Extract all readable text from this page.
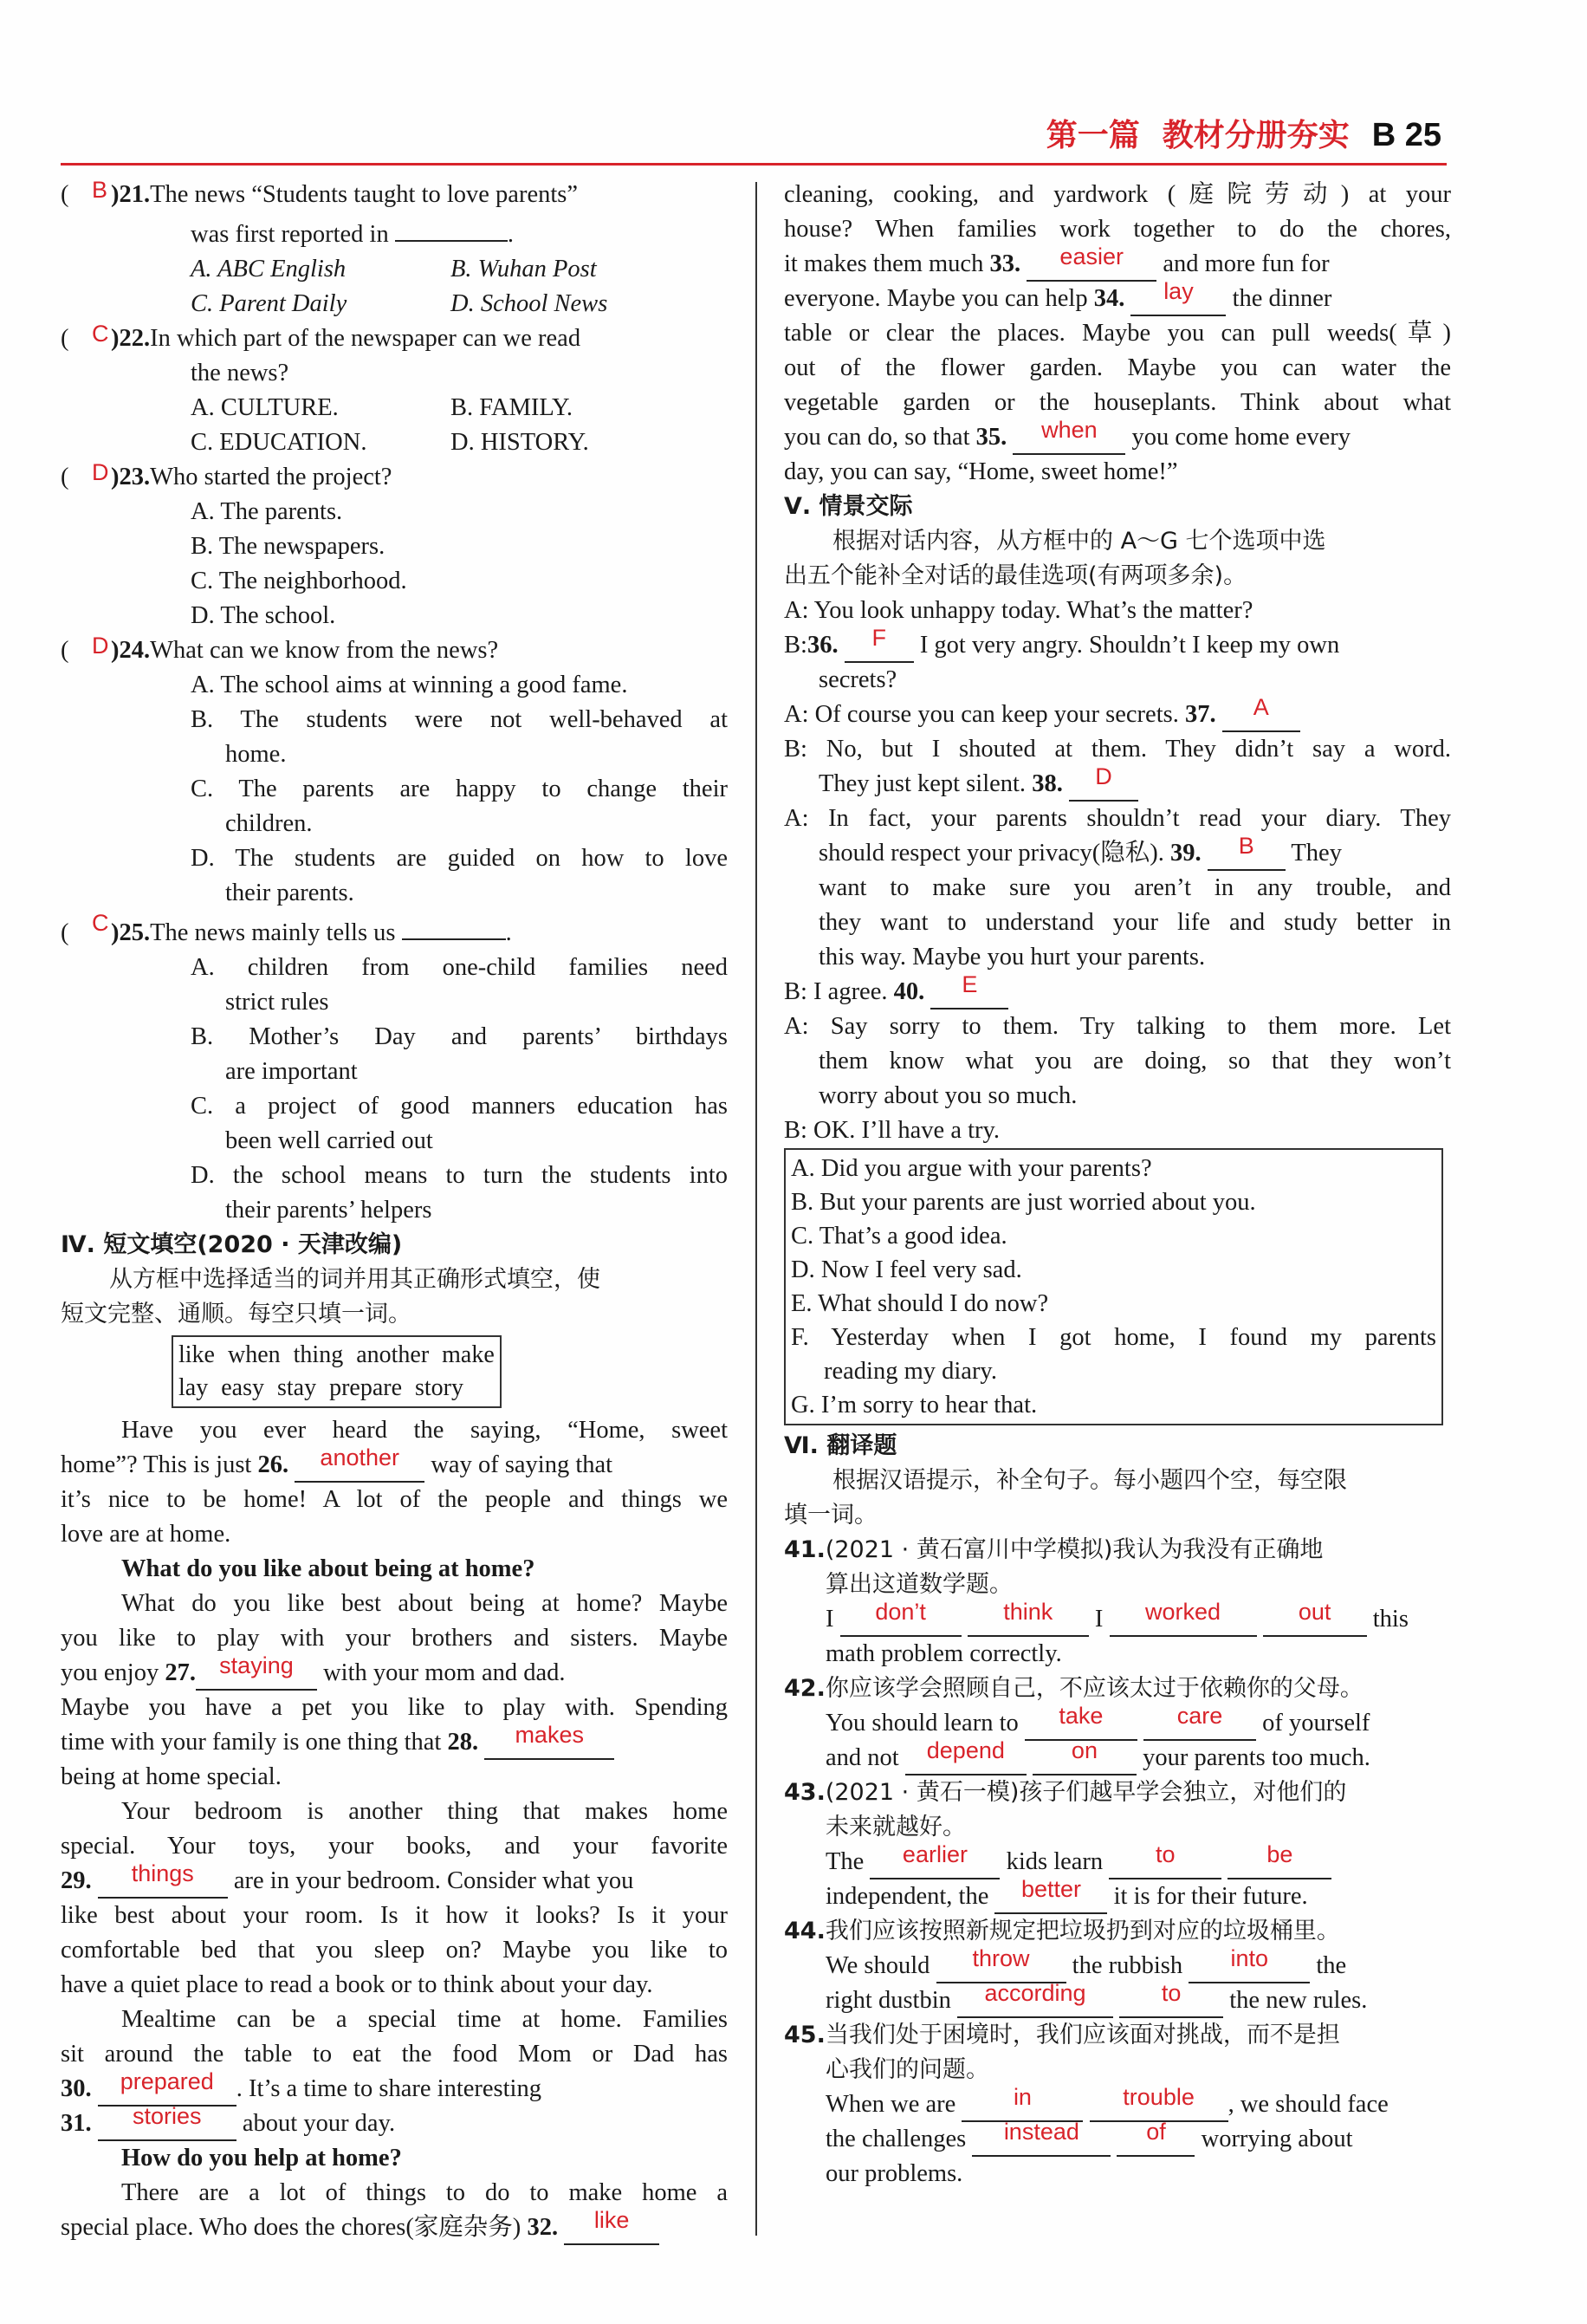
第一篇 教材分册夯实 B 25
( B )21.The news “Students taught to love parents”
was first reported in	.
A. ABC English	B. Wuhan Post
C. Parent Daily	D. School News
( C )22.In which part of the newspaper can we read
the news?
A. CULTURE.	B. FAMILY.
C. EDUCATION.	D. HISTORY.
( D )23.Who started the project?
A. The parents.
B. The newspapers.
C. The neighborhood.
D. The school.
( D )24.What can we know from the news?
A. The school aims at winning a good fame.
B. The students were not well-behaved at
home.
C. The parents are happy to change their
children.
D. The students are guided on how to love
their parents.
( C )25.The news mainly tells us	.
A. children from one-child families need
strict rules
B. Mother’s Day and parents’ birthdays
are important
C. a project of good manners education has
been well carried out
D. the school means to turn the students into
their parents’ helpers
Ⅳ. 短文填空(2020 · 天津改编)
从方框中选择适当的词并用其正确形式填空，使
短文完整、通顺。每空只填一词。
like when thing another make
lay easy stay prepare story
Have you ever heard the saying, “Home, sweet
home”? This is just 26. another way of saying that
it’s nice to be home! A lot of the people and things we
love are at home.
What do you like about being at home?
What do you like best about being at home? Maybe
you like to play with your brothers and sisters. Maybe
you enjoy 27. staying with your mom and dad.
Maybe you have a pet you like to play with. Spending
time with your family is one thing that 28. makes
being at home special.
Your bedroom is another thing that makes home
special. Your toys, your books, and your favorite
29. things are in your bedroom. Consider what you
like best about your room. Is it how it looks? Is it your
comfortable bed that you sleep on? Maybe you like to
have a quiet place to read a book or to think about your day.
Mealtime can be a special time at home. Families
sit around the table to eat the food Mom or Dad has
30. prepared . It’s a time to share interesting
31. stories about your day.
How do you help at home?
There are a lot of things to do to make home a
special place. Who does the chores(家庭杂务) 32. like
cleaning, cooking, and yardwork (庭院劳动) at your
house? When families work together to do the chores,
it makes them much 33. easier and more fun for
everyone. Maybe you can help 34. lay the dinner
table or clear the places. Maybe you can pull weeds(草)
out of the flower garden. Maybe you can water the
vegetable garden or the houseplants. Think about what
you can do, so that 35. when you come home every
day, you can say, “Home, sweet home!”
Ⅴ. 情景交际
根据对话内容，从方框中的 A～G 七个选项中选
出五个能补全对话的最佳选项(有两项多余)。
A: You look unhappy today. What’s the matter?
B:36. F I got very angry. Shouldn’t I keep my own
secrets?
A: Of course you can keep your secrets. 37. A
B: No, but I shouted at them. They didn’t say a word.
They just kept silent. 38. D
A: In fact, your parents shouldn’t read your diary. They
should respect your privacy(隐私). 39. B They
want to make sure you aren’t in any trouble, and
they want to understand your life and study better in
this way. Maybe you hurt your parents.
B: I agree. 40. E
A: Say sorry to them. Try talking to them more. Let
them know what you are doing, so that they won’t
worry about you so much.
B: OK. I’ll have a try.
A. Did you argue with your parents?
B. But your parents are just worried about you.
C. That’s a good idea.
D. Now I feel very sad.
E. What should I do now?
F. Yesterday when I got home, I found my parents
reading my diary.
G. I’m sorry to hear that.
Ⅵ. 翻译题
根据汉语提示，补全句子。每小题四个空，每空限
填一词。
41.(2021 · 黄石富川中学模拟)我认为我没有正确地
算出这道数学题。
I don’t	think I worked	out this
math problem correctly.
42.你应该学会照顾自己，不应该太过于依赖你的父母。
You should learn to take	care of yourself
and not depend	on your parents too much.
43.(2021 · 黄石一模)孩子们越早学会独立，对他们的
未来就越好。
The earlier kids learn to	be
independent, the better it is for their future.
44.我们应该按照新规定把垃圾扔到对应的垃圾桶里。
We should throw the rubbish into the
right dustbin according	to the new rules.
45.当我们处于困境时，我们应该面对挑战，而不是担
心我们的问题。
When we are in	trouble , we should face
the challenges instead	of worrying about
our problems.
